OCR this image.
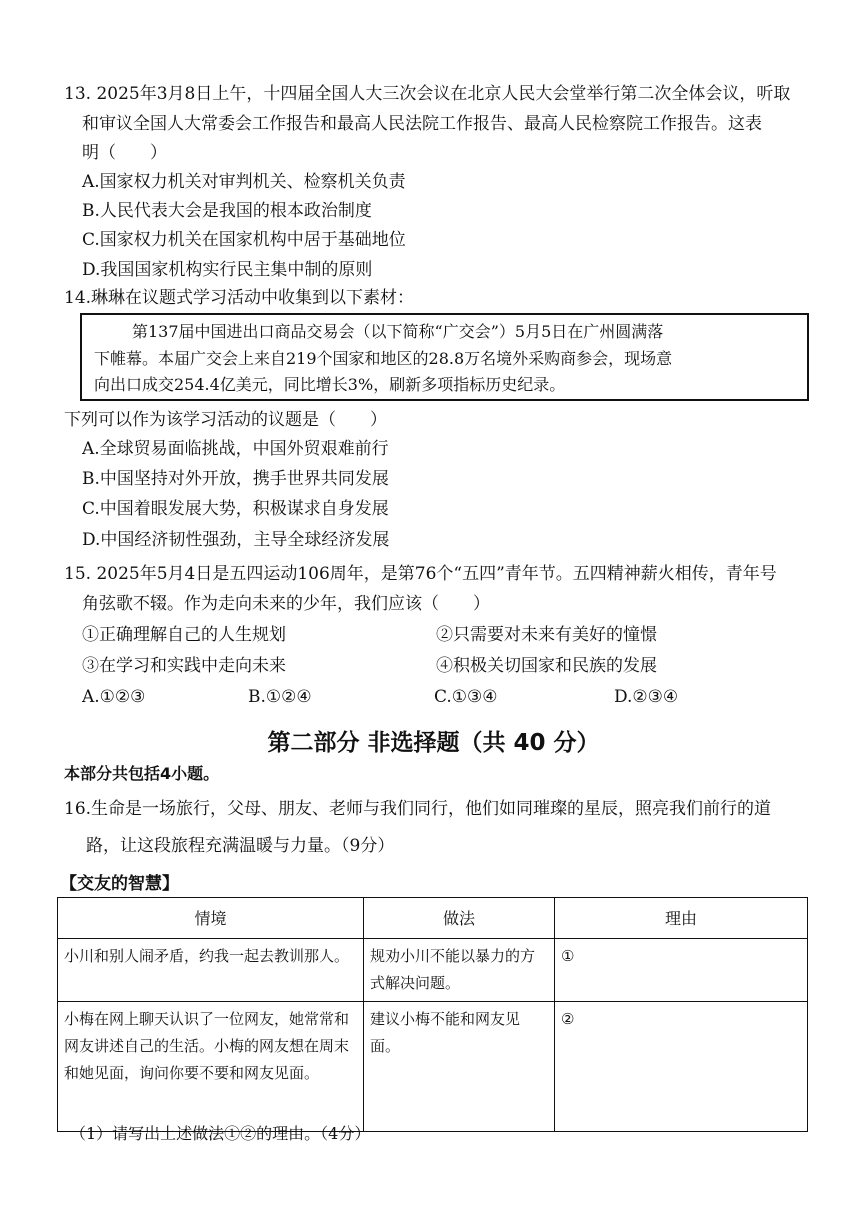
13. 2025年3月8日上午，十四届全国人大三次会议在北京人民大会堂举行第二次全体会议，听取
和审议全国人大常委会工作报告和最高人民法院工作报告、最高人民检察院工作报告。这表
明（　　）
A.国家权力机关对审判机关、检察机关负责
B.人民代表大会是我国的根本政治制度
C.国家权力机关在国家机构中居于基础地位
D.我国国家机构实行民主集中制的原则
14.琳琳在议题式学习活动中收集到以下素材：
第137届中国进出口商品交易会（以下简称“广交会”）5月5日在广州圆满落
下帷幕。本届广交会上来自219个国家和地区的28.8万名境外采购商参会，现场意
向出口成交254.4亿美元，同比增长3%，刷新多项指标历史纪录。
下列可以作为该学习活动的议题是（　　）
A.全球贸易面临挑战，中国外贸艰难前行
B.中国坚持对外开放，携手世界共同发展
C.中国着眼发展大势，积极谋求自身发展
D.中国经济韧性强劲，主导全球经济发展
15. 2025年5月4日是五四运动106周年，是第76个“五四”青年节。五四精神薪火相传，青年号
角弦歌不辍。作为走向未来的少年，我们应该（　　）
①正确理解自己的人生规划	②只需要对未来有美好的憧憬
③在学习和实践中走向未来	④积极关切国家和民族的发展
A.①②③	B.①②④	C.①③④	D.②③④
第二部分 非选择题（共 40 分）
本部分共包括4小题。
16.生命是一场旅行，父母、朋友、老师与我们同行，他们如同璀璨的星辰，照亮我们前行的道
路，让这段旅程充满温暖与力量。（9分）
【交友的智慧】
情境	做法	理由
小川和别人闹矛盾，约我一起去教训那人。	规劝小川不能以暴力的方式解决问题。	①
小梅在网上聊天认识了一位网友，她常常和网友讲述自己的生活。小梅的网友想在周末和她见面，询问你要不要和网友见面。	建议小梅不能和网友见面。	②
（1）请写出上述做法①②的理由。（4分）
